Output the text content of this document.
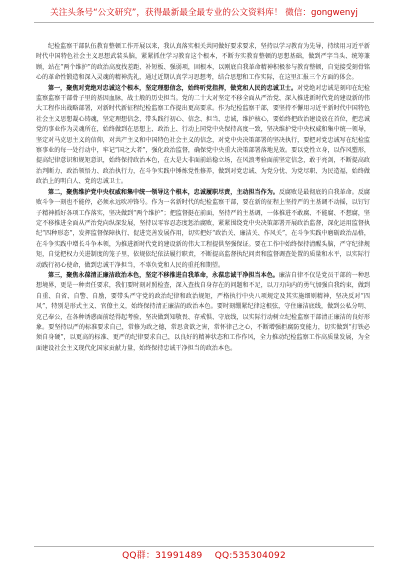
关注头条号“公文研究”，获得最新最全最专业的公文资料库！ 微信：gongwenyj

纪检监察干部队伍教育整顿工作开展以来，我认真落实相关共同做好要求要求，坚持以学习教育为先导，持续用习近平新时代中国特色社会主义思想武装头脑，紧紧抓住学习教育这个根本，不断夯实教育整顿的思想基础，做到严字当头、统筹兼顾，站在“两个维护”的政治高度找差距、补短板、强弱项，固根本，以刚底自我革命精神积极参与教育整顿，自觉接受刻骨铭心的革命性锻造和深入灵魂的精神洗礼，通过近期认真学习思想考，结合思想和工作实际，在这里汇报三个方面的体会。

第一，聚焦对党绝对忠诚这个根本，坚定理想信念，始终听党指挥，做党和人民的忠诚卫士。对党绝对忠诚是刻印在纪检监察监察干部骨子里的基因血脉，战士般的历史担当。党的二十大对坚定不移全面从严治党、深入推进新时代党的建设新的伟大工程作出战略部署，对新时代新征程纪检监察工作提出更高要求。作为纪检监察干部，要坚持不懈用习近平新时代中国特色社会主义思想凝心铸魂，坚定理想信念，带头践行初心、信念、担当、忠诚，维护核心，要始终把政治建设放在首位，把忠诚党的事业作为灵魂所在，始终做到在思想上、政治上、行动上同党中央保持高度一致，坚决维护党中央权威和集中统一领导，坚定对马克思主义的信仰，对共产主义和中国特色社会主义的信念，对党中央决策部署的坚决执行，要把对党忠诚写在纪检监察事业的每一处行动中，牢记“国之大者”，强化政治监督，确保党中央重大决策部署落地见效。要以党性立身，以作风塑形，提高纪律意识和规矩意识，始终保持政治本色，在大是大非面前站稳立场，在风浪考验面前坚定信念，敢于亮剑，不断提高政治判断力、政治领悟力、政治执行力，在斗争实践中锤炼党性修养，做到对党忠诚、为党分忧、为党尽职、为民造福，始终做政治上的明白人、党的忠诚卫士。

第二，聚焦维护党中央权威和集中统一领导这个根本，忠诚履职尽责，主动担当作为。反腐败是最彻底的自我革命。反腐败斗争一刻也不能停，必须永远吹冲锋号。作为一名新时代的纪检监察干部，要在新的征程上坚持严的主基调不动摇，以钉钉子精神抓好各项工作落实，坚决做到“两个维护”；把监督挺在前面，坚持严的主基调，一体推进不敢腐、不能腐、不想腐，坚定不移推进全面从严治党向纵深发展，坚持以零容忍态度惩治腐败，紧紧围绕党中央决策部署开展政治监督，深化运用监督执纪“四种形态”，发挥监督保障执行、促进完善发展作用，切实把好“政治关、廉洁关、作风关”，在斗争实践中磨砺政治品格，在斗争实践中增长斗争本领，为推进新时代党的建设新的伟大工程提供坚强保证。要在工作中始终保持清醒头脑，严守纪律规矩，自觉把权力关进制度的笼子里，依规依纪依法履行职责，不断提高监督执纪问责和监督调查处置的质量和水平，以实际行动践行初心使命，做到忠诚干净担当，不辜负党和人民的重托和期望。

第三，聚焦永葆清正廉洁政治本色，坚定不移推进自我革命，永葆忠诚干净担当本色。廉洁自律不仅是党员干部的一种思想境界，更是一种责任要求，我们要时刻对照检查，深入查找自身存在的问题和不足，以刀刃向内的勇气加强自我约束，做到自重、自省、自警、自励，要带头严守党的政治纪律和政治规矩，严格执行中央八项规定及其实施细则精神，坚决反对“四风”，特别是形式主义、官僚主义，始终保持清正廉洁的政治本色。要时刻绷紧纪律这根弦，守住廉洁底线，做到公私分明、克己奉公，在各种诱惑面前经得起考验，坚决做到知敬畏、存戒惧、守底线，以实际行动树立纪检监察干部清正廉洁的良好形象。要坚持以严的标准要求自己，常修为政之德，常思贪欲之害，常怀律己之心，不断增强拒腐防变能力，切实做到“打铁必须自身硬”，以更高的标准、更严的纪律要求自己，以良好的精神状态和工作作风，全力推动纪检监察工作高质量发展，为全面建设社会主义现代化国家贡献力量，始终保持忠诚干净担当的政治本色。

QQ群：31991489    QQ:535304092
